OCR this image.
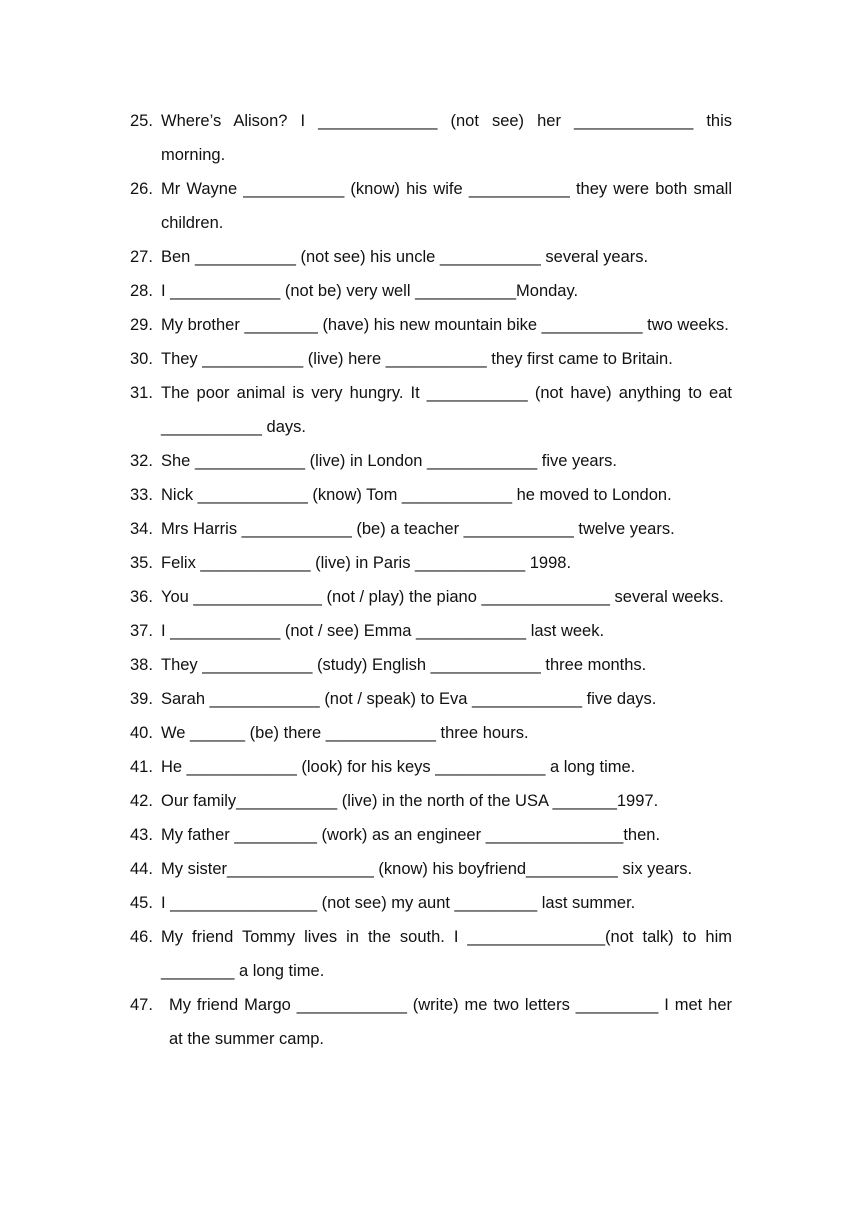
25. Where’s Alison? I _____________ (not see) her _____________ this morning.
26. Mr Wayne ___________ (know) his wife ___________ they were both small children.
27. Ben ___________ (not see) his uncle ___________ several years.
28. I ____________ (not be) very well ___________Monday.
29. My brother ________ (have) his new mountain bike ___________ two weeks.
30. They ___________ (live) here ___________ they first came to Britain.
31. The poor animal is very hungry. It ___________ (not have) anything to eat ___________ days.
32. She ____________ (live) in London ____________ five years.
33. Nick ____________ (know) Tom ____________ he moved to London.
34. Mrs Harris ____________ (be) a teacher ____________ twelve years.
35. Felix ____________ (live) in Paris ____________ 1998.
36. You ______________ (not / play) the piano ______________ several weeks.
37. I ____________ (not / see) Emma ____________ last week.
38. They ____________ (study) English ____________ three months.
39. Sarah ____________ (not / speak) to Eva ____________ five days.
40. We ______ (be) there ____________ three hours.
41. He ____________ (look) for his keys ____________ a long time.
42. Our family___________ (live) in the north of the USA _______1997.
43. My father _________ (work) as an engineer _______________then.
44. My sister________________ (know) his boyfriend__________ six years.
45. I ________________ (not see) my aunt _________ last summer.
46. My friend Tommy lives in the south. I _______________(not talk) to him ________ a long time.
47. My friend Margo ____________ (write) me two letters _________ I met her at the summer camp.
